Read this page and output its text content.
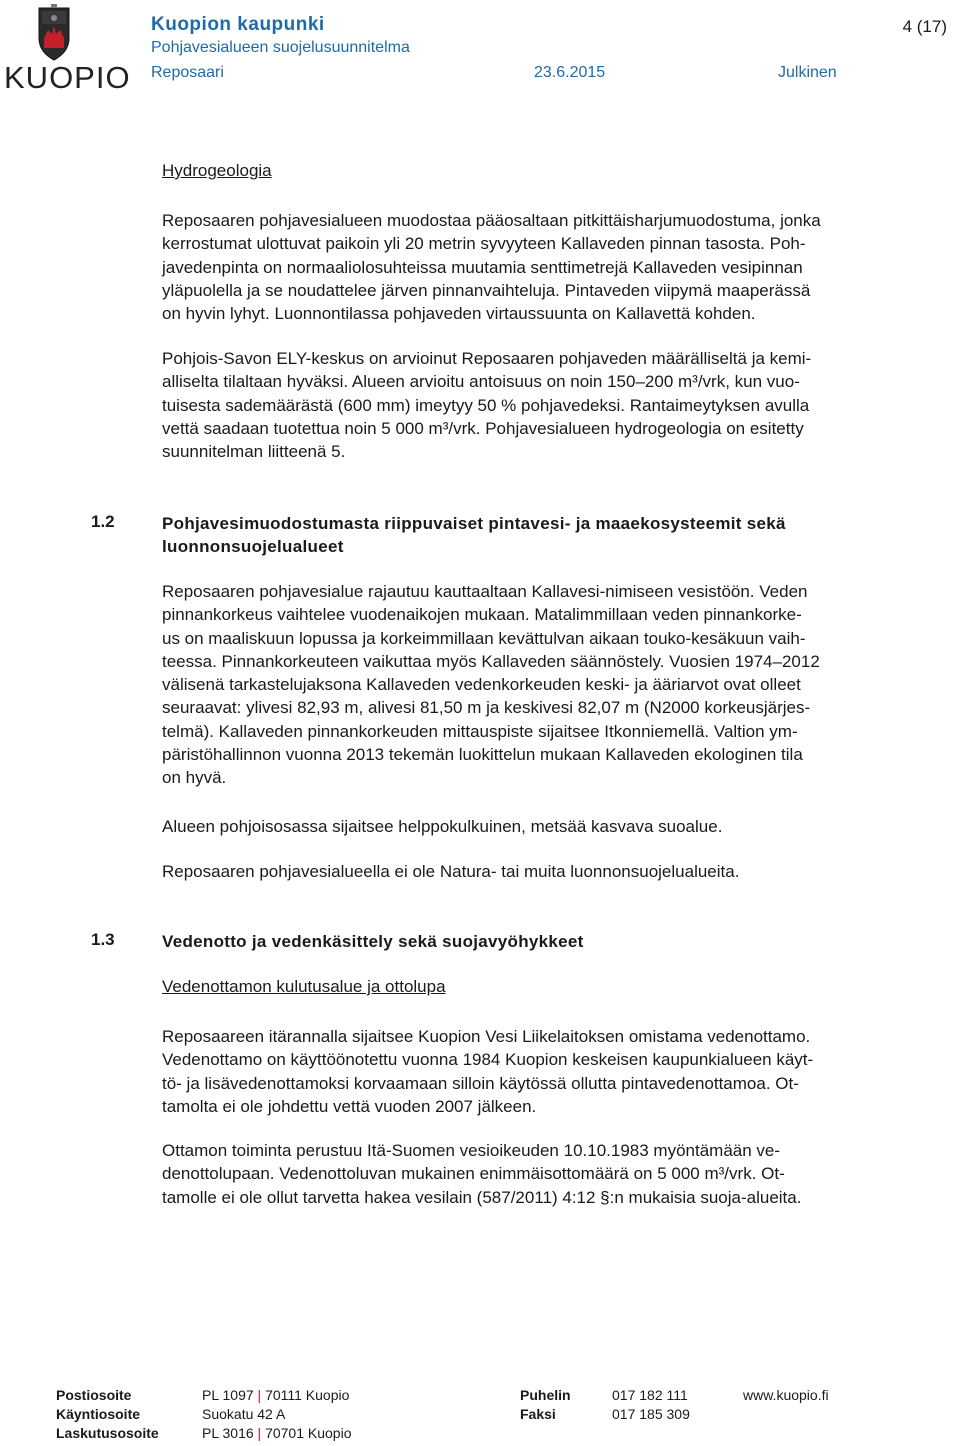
KUOPIO
Kuopion kaupunki
Pohjavesialueen suojelusuunnitelma
Reposaari	23.6.2015	Julkinen
4 (17)
Hydrogeologia
Reposaaren pohjavesialueen muodostaa pääosaltaan pitkittäisharjumuodostuma, jonka
kerrostumat ulottuvat paikoin yli 20 metrin syvyyteen Kallaveden pinnan tasosta. Poh-
javedenpinta on normaaliolosuhteissa muutamia senttimetrejä Kallaveden vesipinnan
yläpuolella ja se noudattelee järven pinnanvaihteluja. Pintaveden viipymä maaperässä
on hyvin lyhyt. Luonnontilassa pohjaveden virtaussuunta on Kallavettä kohden.
Pohjois-Savon ELY-keskus on arvioinut Reposaaren pohjaveden määrälliseltä ja kemi-
alliselta tilaltaan hyväksi. Alueen arvioitu antoisuus on noin 150–200 m³/vrk, kun vuo-
tuisesta sademäärästä (600 mm) imeytyy 50 % pohjavedeksi. Rantaimeytyksen avulla
vettä saadaan tuotettua noin 5 000 m³/vrk. Pohjavesialueen hydrogeologia on esitetty
suunnitelman liitteenä 5.
1.2	Pohjavesimuodostumasta riippuvaiset pintavesi- ja maaekosysteemit sekä
luonnonsuojelualueet
Reposaaren pohjavesialue rajautuu kauttaaltaan Kallavesi-nimiseen vesistöön. Veden
pinnankorkeus vaihtelee vuodenaikojen mukaan. Matalimmillaan veden pinnankorke-
us on maaliskuun lopussa ja korkeimmillaan kevättulvan aikaan touko-kesäkuun vaih-
teessa. Pinnankorkeuteen vaikuttaa myös Kallaveden säännöstely. Vuosien 1974–2012
välisenä tarkastelujaksona Kallaveden vedenkorkeuden keski- ja ääriarvot ovat olleet
seuraavat: ylivesi 82,93 m, alivesi 81,50 m ja keskivesi 82,07 m (N2000 korkeusjärjes-
telmä). Kallaveden pinnankorkeuden mittauspiste sijaitsee Itkonniemellä. Valtion ym-
päristöhallinnon vuonna 2013 tekemän luokittelun mukaan Kallaveden ekologinen tila
on hyvä.
Alueen pohjoisosassa sijaitsee helppokulkuinen, metsää kasvava suoalue.
Reposaaren pohjavesialueella ei ole Natura- tai muita luonnonsuojelualueita.
1.3	Vedenotto ja vedenkäsittely sekä suojavyöhykkeet
Vedenottamon kulutusalue ja ottolupa
Reposaareen itärannalla sijaitsee Kuopion Vesi Liikelaitoksen omistama vedenottamo.
Vedenottamo on käyttöönotettu vuonna 1984 Kuopion keskeisen kaupunkialueen käyt-
tö- ja lisävedenottamoksi korvaamaan silloin käytössä ollutta pintavedenottamoa. Ot-
tamolta ei ole johdettu vettä vuoden 2007 jälkeen.
Ottamon toiminta perustuu Itä-Suomen vesioikeuden 10.10.1983 myöntämään ve-
denottolupaan. Vedenottoluvan mukainen enimmäisottomäärä on 5 000 m³/vrk. Ot-
tamolle ei ole ollut tarvetta hakea vesilain (587/2011) 4:12 §:n mukaisia suoja-alueita.
Postiosoite	PL 1097 | 70111 Kuopio
Käyntiosoite	Suokatu 42 A
Laskutusosoite	PL 3016 | 70701 Kuopio
Puhelin	017 182 111
Faksi	017 185 309
www.kuopio.fi
